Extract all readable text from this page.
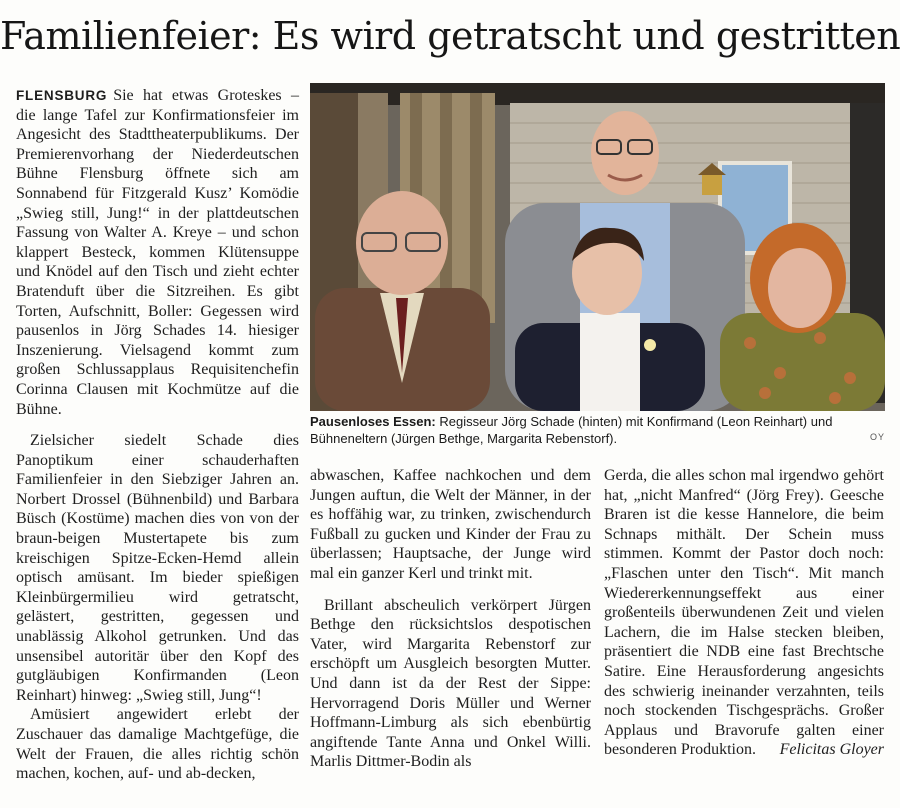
Familienfeier: Es wird getratscht und gestritten

FLENSBURG Sie hat etwas Groteskes – die lange Tafel zur Konfirmationsfeier im Angesicht des Stadttheaterpublikums. Der Premierenvorhang der Niederdeutschen Bühne Flensburg öffnete sich am Sonnabend für Fitzgerald Kusz’ Komödie „Swieg still, Jung!“ in der plattdeutschen Fassung von Walter A. Kreye – und schon klappert Besteck, kommen Klütensuppe und Knödel auf den Tisch und zieht echter Bratenduft über die Sitzreihen. Es gibt Torten, Aufschnitt, Boller: Gegessen wird pausenlos in Jörg Schades 14. hiesiger Inszenierung. Vielsagend kommt zum großen Schlussapplaus Requisitenchefin Corinna Clausen mit Kochmütze auf die Bühne.

Zielsicher siedelt Schade dies Panoptikum einer schauderhaften Familienfeier in den Siebziger Jahren an. Norbert Drossel (Bühnenbild) und Barbara Büsch (Kostüme) machen dies von von der braun-beigen Mustertapete bis zum kreischigen Spitze-Ecken-Hemd allein optisch amüsant. Im bieder spießigen Kleinbürgermilieu wird getratscht, gelästert, gestritten, gegessen und unablässig Alkohol getrunken. Und das unsensibel autoritär über den Kopf des gutgläubigen Konfirmanden (Leon Reinhart) hinweg: „Swieg still, Jung“!

Amüsiert angewidert erlebt der Zuschauer das damalige Machtgefüge, die Welt der Frauen, die alles richtig schön machen, kochen, auf- und ab-decken,

Pausenloses Essen: Regisseur Jörg Schade (hinten) mit Konfirmand (Leon Reinhart) und Bühneneltern (Jürgen Bethge, Margarita Rebenstorf).	OY

abwaschen, Kaffee nachkochen und dem Jungen auftun, die Welt der Männer, in der es hoffähig war, zu trinken, zwischendurch Fußball zu gucken und Kinder der Frau zu überlassen; Hauptsache, der Junge wird mal ein ganzer Kerl und trinkt mit.

Brillant abscheulich verkörpert Jürgen Bethge den rücksichtslos despotischen Vater, wird Margarita Rebenstorf zur erschöpft um Ausgleich besorgten Mutter. Und dann ist da der Rest der Sippe: Hervorragend Doris Müller und Werner Hoffmann-Limburg als sich ebenbürtig angiftende Tante Anna und Onkel Willi. Marlis Dittmer-Bodin als

Gerda, die alles schon mal irgendwo gehört hat, „nicht Manfred“ (Jörg Frey). Geesche Braren ist die kesse Hannelore, die beim Schnaps mithält. Der Schein muss stimmen. Kommt der Pastor doch noch: „Flaschen unter den Tisch“. Mit manch Wiedererkennungseffekt aus einer großenteils überwundenen Zeit und vielen Lachern, die im Halse stecken bleiben, präsentiert die NDB eine fast Brechtsche Satire. Eine Herausforderung angesichts des schwierig ineinander verzahnten, teils noch stockenden Tischgesprächs. Großer Applaus und Bravorufe galten einer besonderen Produktion. Felicitas Gloyer
